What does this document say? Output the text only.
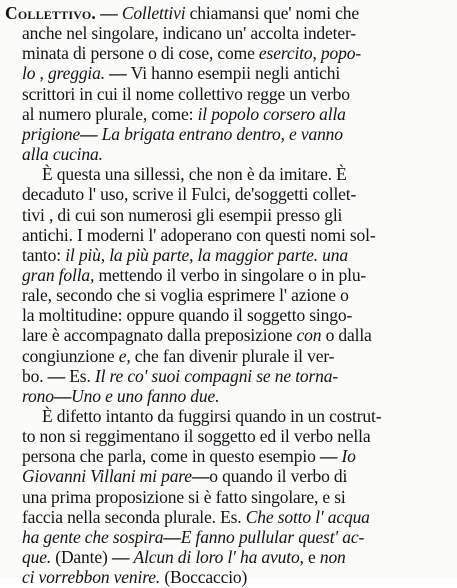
Collettivo. — Collettivi chiamansi que' nomi che
anche nel singolare, indicano un' accolta indeter-
minata di persone o di cose, come esercito, popo-
lo , greggia. — Vi hanno esempii negli antichi
scrittori in cui il nome collettivo regge un verbo
al numero plurale, come: il popolo corsero alla
prigione— La brigata entrano dentro, e vanno
alla cucina.
È questa una sillessi, che non è da imitare. È
decaduto l' uso, scrive il Fulci, de'soggetti collet-
tivi , di cui son numerosi gli esempii presso gli
antichi. I moderni l' adoperano con questi nomi sol-
tanto: il più, la più parte, la maggior parte. una
gran folla, mettendo il verbo in singolare o in plu-
rale, secondo che si voglia esprimere l' azione o
la moltitudine: oppure quando il soggetto singo-
lare è accompagnato dalla preposizione con o dalla
congiunzione e, che fan divenir plurale il ver-
bo. — Es. Il re co' suoi compagni se ne torna-
rono—Uno e uno fanno due.
È difetto intanto da fuggirsi quando in un costrut-
to non si reggimentano il soggetto ed il verbo nella
persona che parla, come in questo esempio — Io
Giovanni Villani mi pare—o quando il verbo di
una prima proposizione si è fatto singolare, e si
faccia nella seconda plurale. Es. Che sotto l' acqua
ha gente che sospira—E fanno pullular quest' ac-
que. (Dante) — Alcun di loro l' ha avuto, e non
ci vorrebbon venire. (Boccaccio)
